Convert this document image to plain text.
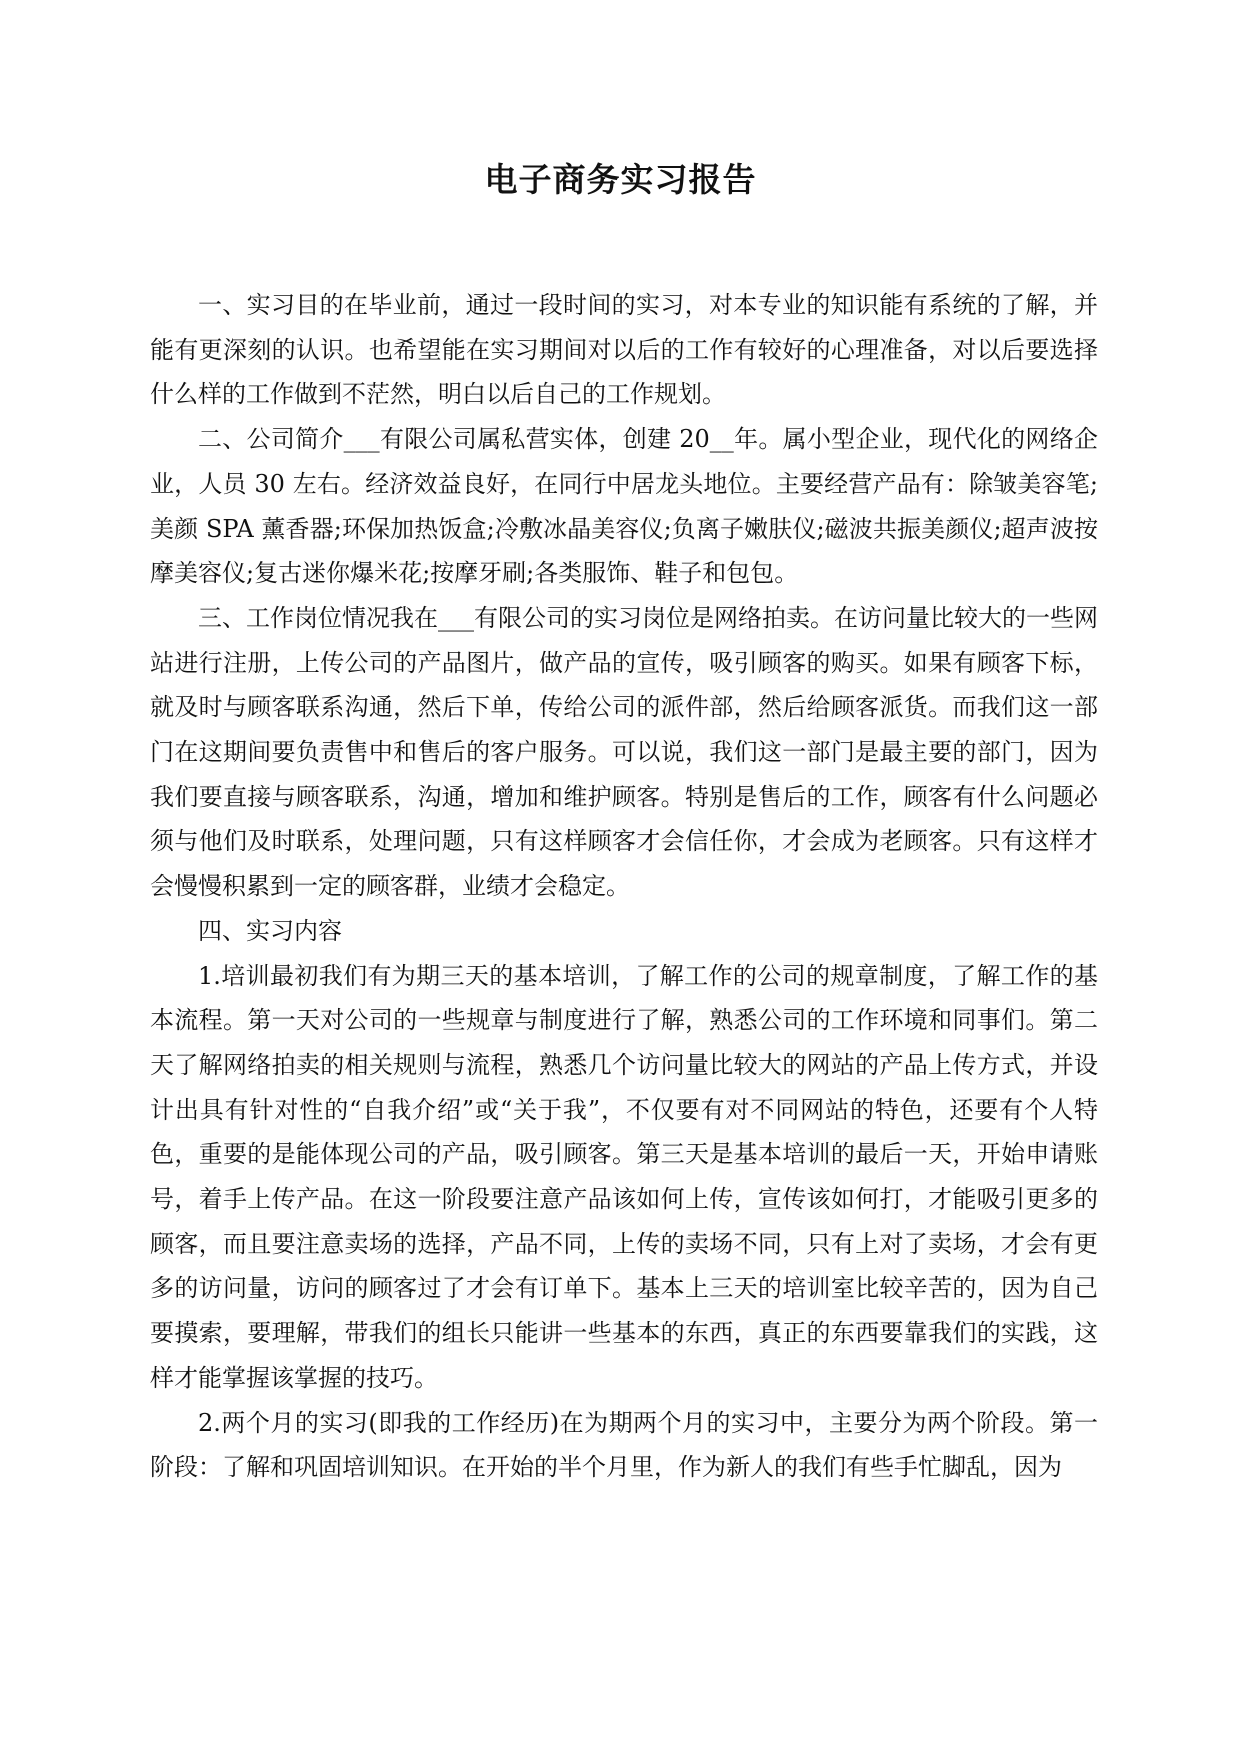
电子商务实习报告

一、实习目的在毕业前，通过一段时间的实习，对本专业的知识能有系统的了解，并能有更深刻的认识。也希望能在实习期间对以后的工作有较好的心理准备，对以后要选择什么样的工作做到不茫然，明白以后自己的工作规划。

二、公司简介___有限公司属私营实体，创建 20__年。属小型企业，现代化的网络企业，人员 30 左右。经济效益良好，在同行中居龙头地位。主要经营产品有：除皱美容笔;美颜 SPA 薰香器;环保加热饭盒;冷敷冰晶美容仪;负离子嫩肤仪;磁波共振美颜仪;超声波按摩美容仪;复古迷你爆米花;按摩牙刷;各类服饰、鞋子和包包。

三、工作岗位情况我在___有限公司的实习岗位是网络拍卖。在访问量比较大的一些网站进行注册，上传公司的产品图片，做产品的宣传，吸引顾客的购买。如果有顾客下标，就及时与顾客联系沟通，然后下单，传给公司的派件部，然后给顾客派货。而我们这一部门在这期间要负责售中和售后的客户服务。可以说，我们这一部门是最主要的部门，因为我们要直接与顾客联系，沟通，增加和维护顾客。特别是售后的工作，顾客有什么问题必须与他们及时联系，处理问题，只有这样顾客才会信任你，才会成为老顾客。只有这样才会慢慢积累到一定的顾客群，业绩才会稳定。

四、实习内容

1.培训最初我们有为期三天的基本培训，了解工作的公司的规章制度，了解工作的基本流程。第一天对公司的一些规章与制度进行了解，熟悉公司的工作环境和同事们。第二天了解网络拍卖的相关规则与流程，熟悉几个访问量比较大的网站的产品上传方式，并设计出具有针对性的“自我介绍”或“关于我”，不仅要有对不同网站的特色，还要有个人特色，重要的是能体现公司的产品，吸引顾客。第三天是基本培训的最后一天，开始申请账号，着手上传产品。在这一阶段要注意产品该如何上传，宣传该如何打，才能吸引更多的顾客，而且要注意卖场的选择，产品不同，上传的卖场不同，只有上对了卖场，才会有更多的访问量，访问的顾客过了才会有订单下。基本上三天的培训室比较辛苦的，因为自己要摸索，要理解，带我们的组长只能讲一些基本的东西，真正的东西要靠我们的实践，这样才能掌握该掌握的技巧。

2.两个月的实习(即我的工作经历)在为期两个月的实习中，主要分为两个阶段。第一阶段：了解和巩固培训知识。在开始的半个月里，作为新人的我们有些手忙脚乱，因为
